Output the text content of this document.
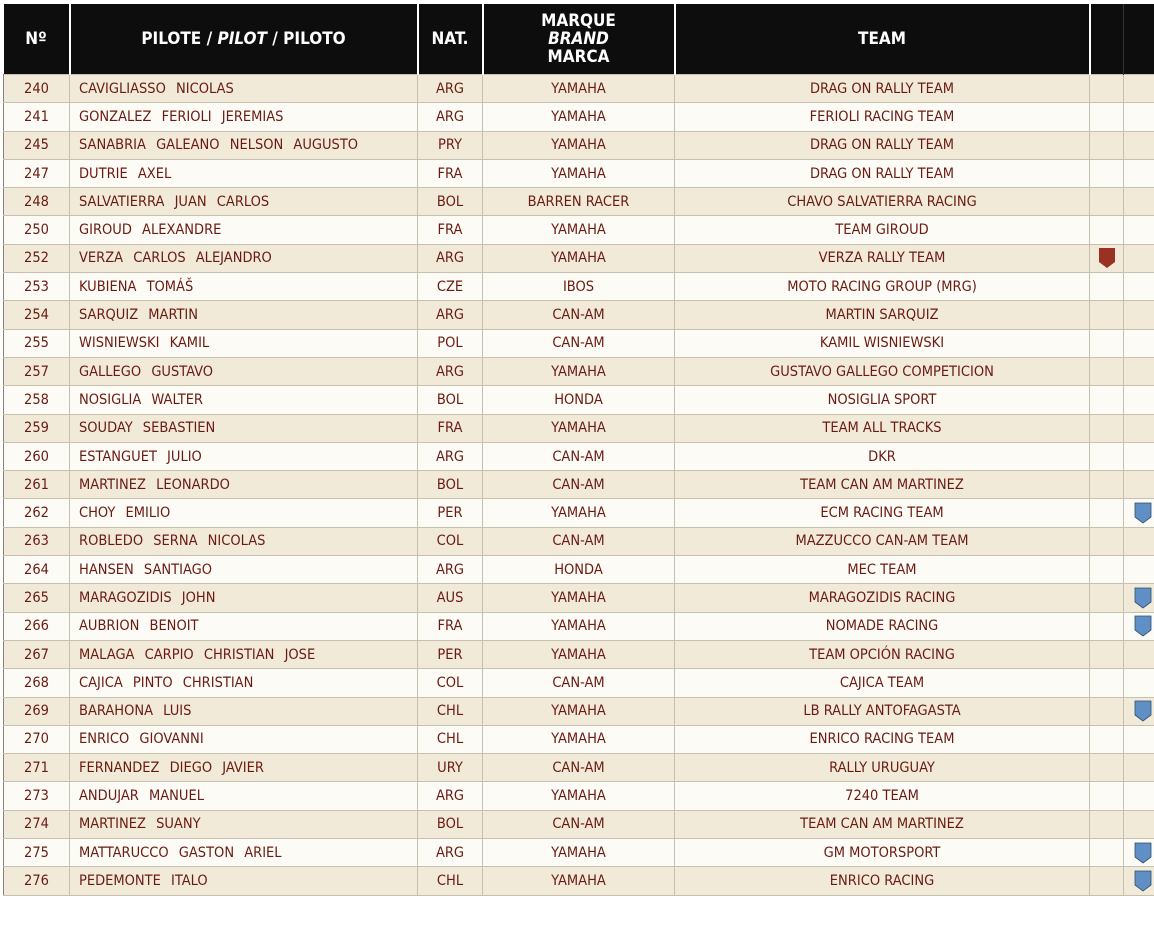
Nº	PILOTE / PILOT / PILOTO	NAT.	MARQUE
BRAND
MARCA	TEAM		
240	CAVIGLIASSO NICOLAS	ARG	YAMAHA	DRAG ON RALLY TEAM		
241	GONZALEZ FERIOLI JEREMIAS	ARG	YAMAHA	FERIOLI RACING TEAM		
245	SANABRIA GALEANO NELSON AUGUSTO	PRY	YAMAHA	DRAG ON RALLY TEAM		
247	DUTRIE AXEL	FRA	YAMAHA	DRAG ON RALLY TEAM		
248	SALVATIERRA JUAN CARLOS	BOL	BARREN RACER	CHAVO SALVATIERRA RACING		
250	GIROUD ALEXANDRE	FRA	YAMAHA	TEAM GIROUD		
252	VERZA CARLOS ALEJANDRO	ARG	YAMAHA	VERZA RALLY TEAM		
253	KUBIENA TOMÁŠ	CZE	IBOS	MOTO RACING GROUP (MRG)		
254	SARQUIZ MARTIN	ARG	CAN-AM	MARTIN SARQUIZ		
255	WISNIEWSKI KAMIL	POL	CAN-AM	KAMIL WISNIEWSKI		
257	GALLEGO GUSTAVO	ARG	YAMAHA	GUSTAVO GALLEGO COMPETICION		
258	NOSIGLIA WALTER	BOL	HONDA	NOSIGLIA SPORT		
259	SOUDAY SEBASTIEN	FRA	YAMAHA	TEAM ALL TRACKS		
260	ESTANGUET JULIO	ARG	CAN-AM	DKR		
261	MARTINEZ LEONARDO	BOL	CAN-AM	TEAM CAN AM MARTINEZ		
262	CHOY EMILIO	PER	YAMAHA	ECM RACING TEAM		
263	ROBLEDO SERNA NICOLAS	COL	CAN-AM	MAZZUCCO CAN-AM TEAM		
264	HANSEN SANTIAGO	ARG	HONDA	MEC TEAM		
265	MARAGOZIDIS JOHN	AUS	YAMAHA	MARAGOZIDIS RACING		
266	AUBRION BENOIT	FRA	YAMAHA	NOMADE RACING		
267	MALAGA CARPIO CHRISTIAN JOSE	PER	YAMAHA	TEAM OPCIÓN RACING		
268	CAJICA PINTO CHRISTIAN	COL	CAN-AM	CAJICA TEAM		
269	BARAHONA LUIS	CHL	YAMAHA	LB RALLY ANTOFAGASTA		
270	ENRICO GIOVANNI	CHL	YAMAHA	ENRICO RACING TEAM		
271	FERNANDEZ DIEGO JAVIER	URY	CAN-AM	RALLY URUGUAY		
273	ANDUJAR MANUEL	ARG	YAMAHA	7240 TEAM		
274	MARTINEZ SUANY	BOL	CAN-AM	TEAM CAN AM MARTINEZ		
275	MATTARUCCO GASTON ARIEL	ARG	YAMAHA	GM MOTORSPORT		
276	PEDEMONTE ITALO	CHL	YAMAHA	ENRICO RACING		
